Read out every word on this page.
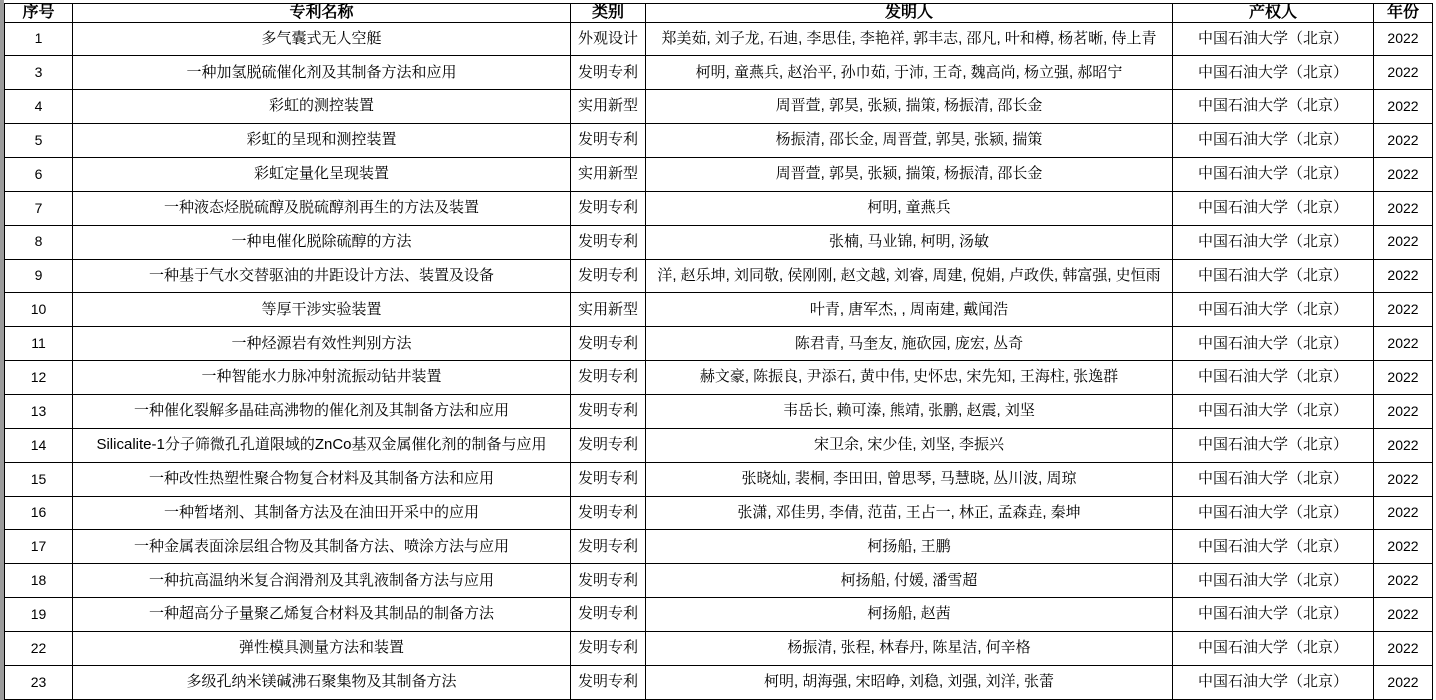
序号	专利名称	类别	发明人	产权人	年份
1	多气囊式无人空艇	外观设计	郑美茹, 刘子龙, 石迪, 李思佳, 李艳祥, 郭丰志, 邵凡, 叶和樽, 杨茗晰, 侍上青	中国石油大学（北京）	2022
3	一种加氢脱硫催化剂及其制备方法和应用	发明专利	柯明, 童燕兵, 赵治平, 孙巾茹, 于沛, 王奇, 魏高尚, 杨立强, 郝昭宁	中国石油大学（北京）	2022
4	彩虹的测控装置	实用新型	周晋萱, 郭昊, 张颍, 揣策, 杨振清, 邵长金	中国石油大学（北京）	2022
5	彩虹的呈现和测控装置	发明专利	杨振清, 邵长金, 周晋萱, 郭昊, 张颍, 揣策	中国石油大学（北京）	2022
6	彩虹定量化呈现装置	实用新型	周晋萱, 郭昊, 张颍, 揣策, 杨振清, 邵长金	中国石油大学（北京）	2022
7	一种液态烃脱硫醇及脱硫醇剂再生的方法及装置	发明专利	柯明, 童燕兵	中国石油大学（北京）	2022
8	一种电催化脱除硫醇的方法	发明专利	张楠, 马业锦, 柯明, 汤敏	中国石油大学（北京）	2022
9	一种基于气水交替驱油的井距设计方法、装置及设备	发明专利	洋, 赵乐坤, 刘同敬, 侯刚刚, 赵文越, 刘睿, 周建, 倪娟, 卢政佚, 韩富强, 史恒雨	中国石油大学（北京）	2022
10	等厚干涉实验装置	实用新型	叶青, 唐军杰, , 周南建, 戴闻浩	中国石油大学（北京）	2022
11	一种烃源岩有效性判别方法	发明专利	陈君青, 马奎友, 施砍园, 庞宏, 丛奇	中国石油大学（北京）	2022
12	一种智能水力脉冲射流振动钻井装置	发明专利	赫文豪, 陈振良, 尹添石, 黄中伟, 史怀忠, 宋先知, 王海柱, 张逸群	中国石油大学（北京）	2022
13	一种催化裂解多晶硅高沸物的催化剂及其制备方法和应用	发明专利	韦岳长, 赖可溱, 熊靖, 张鹏, 赵震, 刘坚	中国石油大学（北京）	2022
14	Silicalite-1分子筛微孔孔道限域的ZnCo基双金属催化剂的制备与应用	发明专利	宋卫余, 宋少佳, 刘坚, 李振兴	中国石油大学（北京）	2022
15	一种改性热塑性聚合物复合材料及其制备方法和应用	发明专利	张晓灿, 裴桐, 李田田, 曾思琴, 马慧晓, 丛川波, 周琼	中国石油大学（北京）	2022
16	一种暂堵剂、其制备方法及在油田开采中的应用	发明专利	张潇, 邓佳男, 李倩, 范苗, 王占一, 林正, 孟森垚, 秦坤	中国石油大学（北京）	2022
17	一种金属表面涂层组合物及其制备方法、喷涂方法与应用	发明专利	柯扬船, 王鹏	中国石油大学（北京）	2022
18	一种抗高温纳米复合润滑剂及其乳液制备方法与应用	发明专利	柯扬船, 付媛, 潘雪超	中国石油大学（北京）	2022
19	一种超高分子量聚乙烯复合材料及其制品的制备方法	发明专利	柯扬船, 赵茜	中国石油大学（北京）	2022
22	弹性模具测量方法和装置	发明专利	杨振清, 张程, 林春丹, 陈星洁, 何辛格	中国石油大学（北京）	2022
23	多级孔纳米镁碱沸石聚集物及其制备方法	发明专利	柯明, 胡海强, 宋昭峥, 刘稳, 刘强, 刘洋, 张蕾	中国石油大学（北京）	2022
